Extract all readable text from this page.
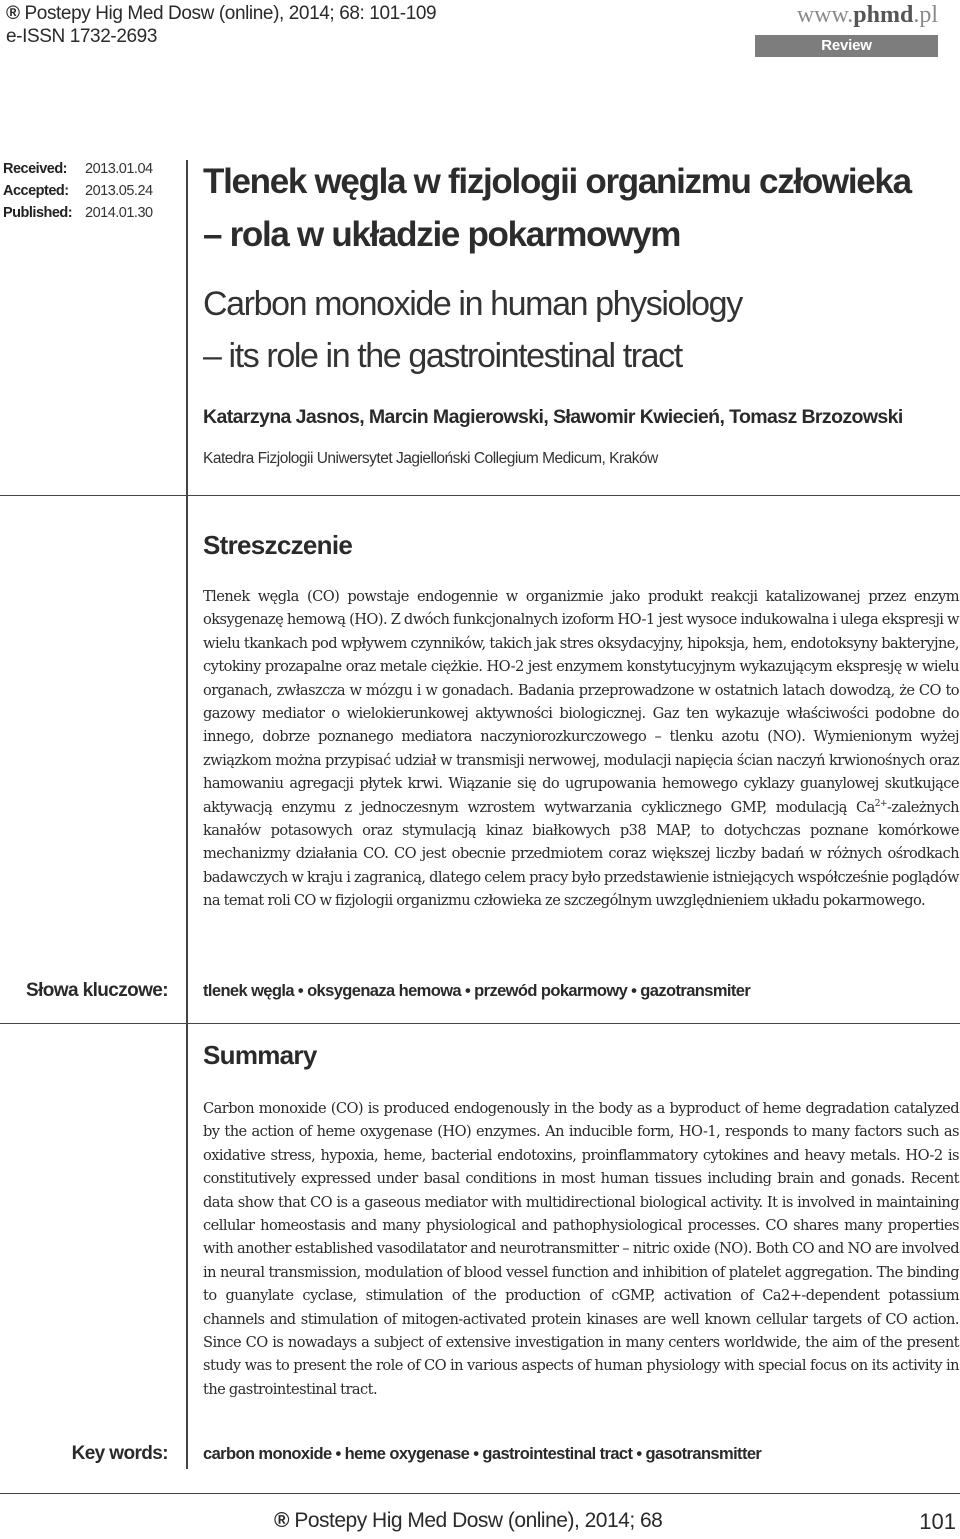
® Postepy Hig Med Dosw (online), 2014; 68: 101-109
e-ISSN 1732-2693
www.phmd.pl
Review
Received:	2013.01.04
Accepted:	2013.05.24
Published: 2014.01.30
Tlenek węgla w fizjologii organizmu człowieka
– rola w układzie pokarmowym
Carbon monoxide in human physiology
– its role in the gastrointestinal tract
Katarzyna Jasnos, Marcin Magierowski, Sławomir Kwiecień, Tomasz Brzozowski
Katedra Fizjologii Uniwersytet Jagielloński Collegium Medicum, Kraków
Streszczenie
Tlenek węgla (CO) powstaje endogennie w organizmie jako produkt reakcji katalizowanej przez enzym oksygenazę hemową (HO). Z dwóch funkcjonalnych izoform HO-1 jest wysoce indukowalna i ulega ekspresji w wielu tkankach pod wpływem czynników, takich jak stres oksydacyjny, hipoksja, hem, endotoksyny bakteryjne, cytokiny prozapalne oraz metale ciężkie. HO-2 jest enzymem konstytucyjnym wykazującym ekspresję w wielu organach, zwłaszcza w mózgu i w gonadach. Badania przeprowadzone w ostatnich latach dowodzą, że CO to gazowy mediator o wielokierunkowej aktywności biologicznej. Gaz ten wykazuje właściwości podobne do innego, dobrze poznanego mediatora naczyniorozkurczowego – tlenku azotu (NO). Wymienionym wyżej związkom można przypisać udział w transmisji nerwowej, modulacji napięcia ścian naczyń krwionośnych oraz hamowaniu agregacji płytek krwi. Wiązanie się do ugrupowania hemowego cyklazy guanylowej skutkujące aktywacją enzymu z jednoczesnym wzrostem wytwarzania cyklicznego GMP, modulacją $Ca^{2+}$-zależnych kanałów potasowych oraz stymulacją kinaz białkowych p38 MAP, to dotychczas poznane komórkowe mechanizmy działania CO. CO jest obecnie przedmiotem coraz większej liczby badań w różnych ośrodkach badawczych w kraju i zagranicą, dlatego celem pracy było przedstawienie istniejących współcześnie poglądów na temat roli CO w fizjologii organizmu człowieka ze szczególnym uwzględnieniem układu pokarmowego.
Słowa kluczowe: tlenek węgla • oksygenaza hemowa • przewód pokarmowy • gazotransmiter
Summary
Carbon monoxide (CO) is produced endogenously in the body as a byproduct of heme degradation catalyzed by the action of heme oxygenase (HO) enzymes. An inducible form, HO-1, responds to many factors such as oxidative stress, hypoxia, heme, bacterial endotoxins, proinflammatory cytokines and heavy metals. HO-2 is constitutively expressed under basal conditions in most human tissues including brain and gonads. Recent data show that CO is a gaseous mediator with multidirectional biological activity. It is involved in maintaining cellular homeostasis and many physiological and pathophysiological processes. CO shares many properties with another established vasodilatator and neurotransmitter – nitric oxide (NO). Both CO and NO are involved in neural transmission, modulation of blood vessel function and inhibition of platelet aggregation. The binding to guanylate cyclase, stimulation of the production of cGMP, activation of Ca2+-dependent potassium channels and stimulation of mitogen-activated protein kinases are well known cellular targets of CO action. Since CO is nowadays a subject of extensive investigation in many centers worldwide, the aim of the present study was to present the role of CO in various aspects of human physiology with special focus on its activity in the gastrointestinal tract.
Key words: carbon monoxide • heme oxygenase • gastrointestinal tract • gasotransmitter
® Postepy Hig Med Dosw (online), 2014; 68	101
